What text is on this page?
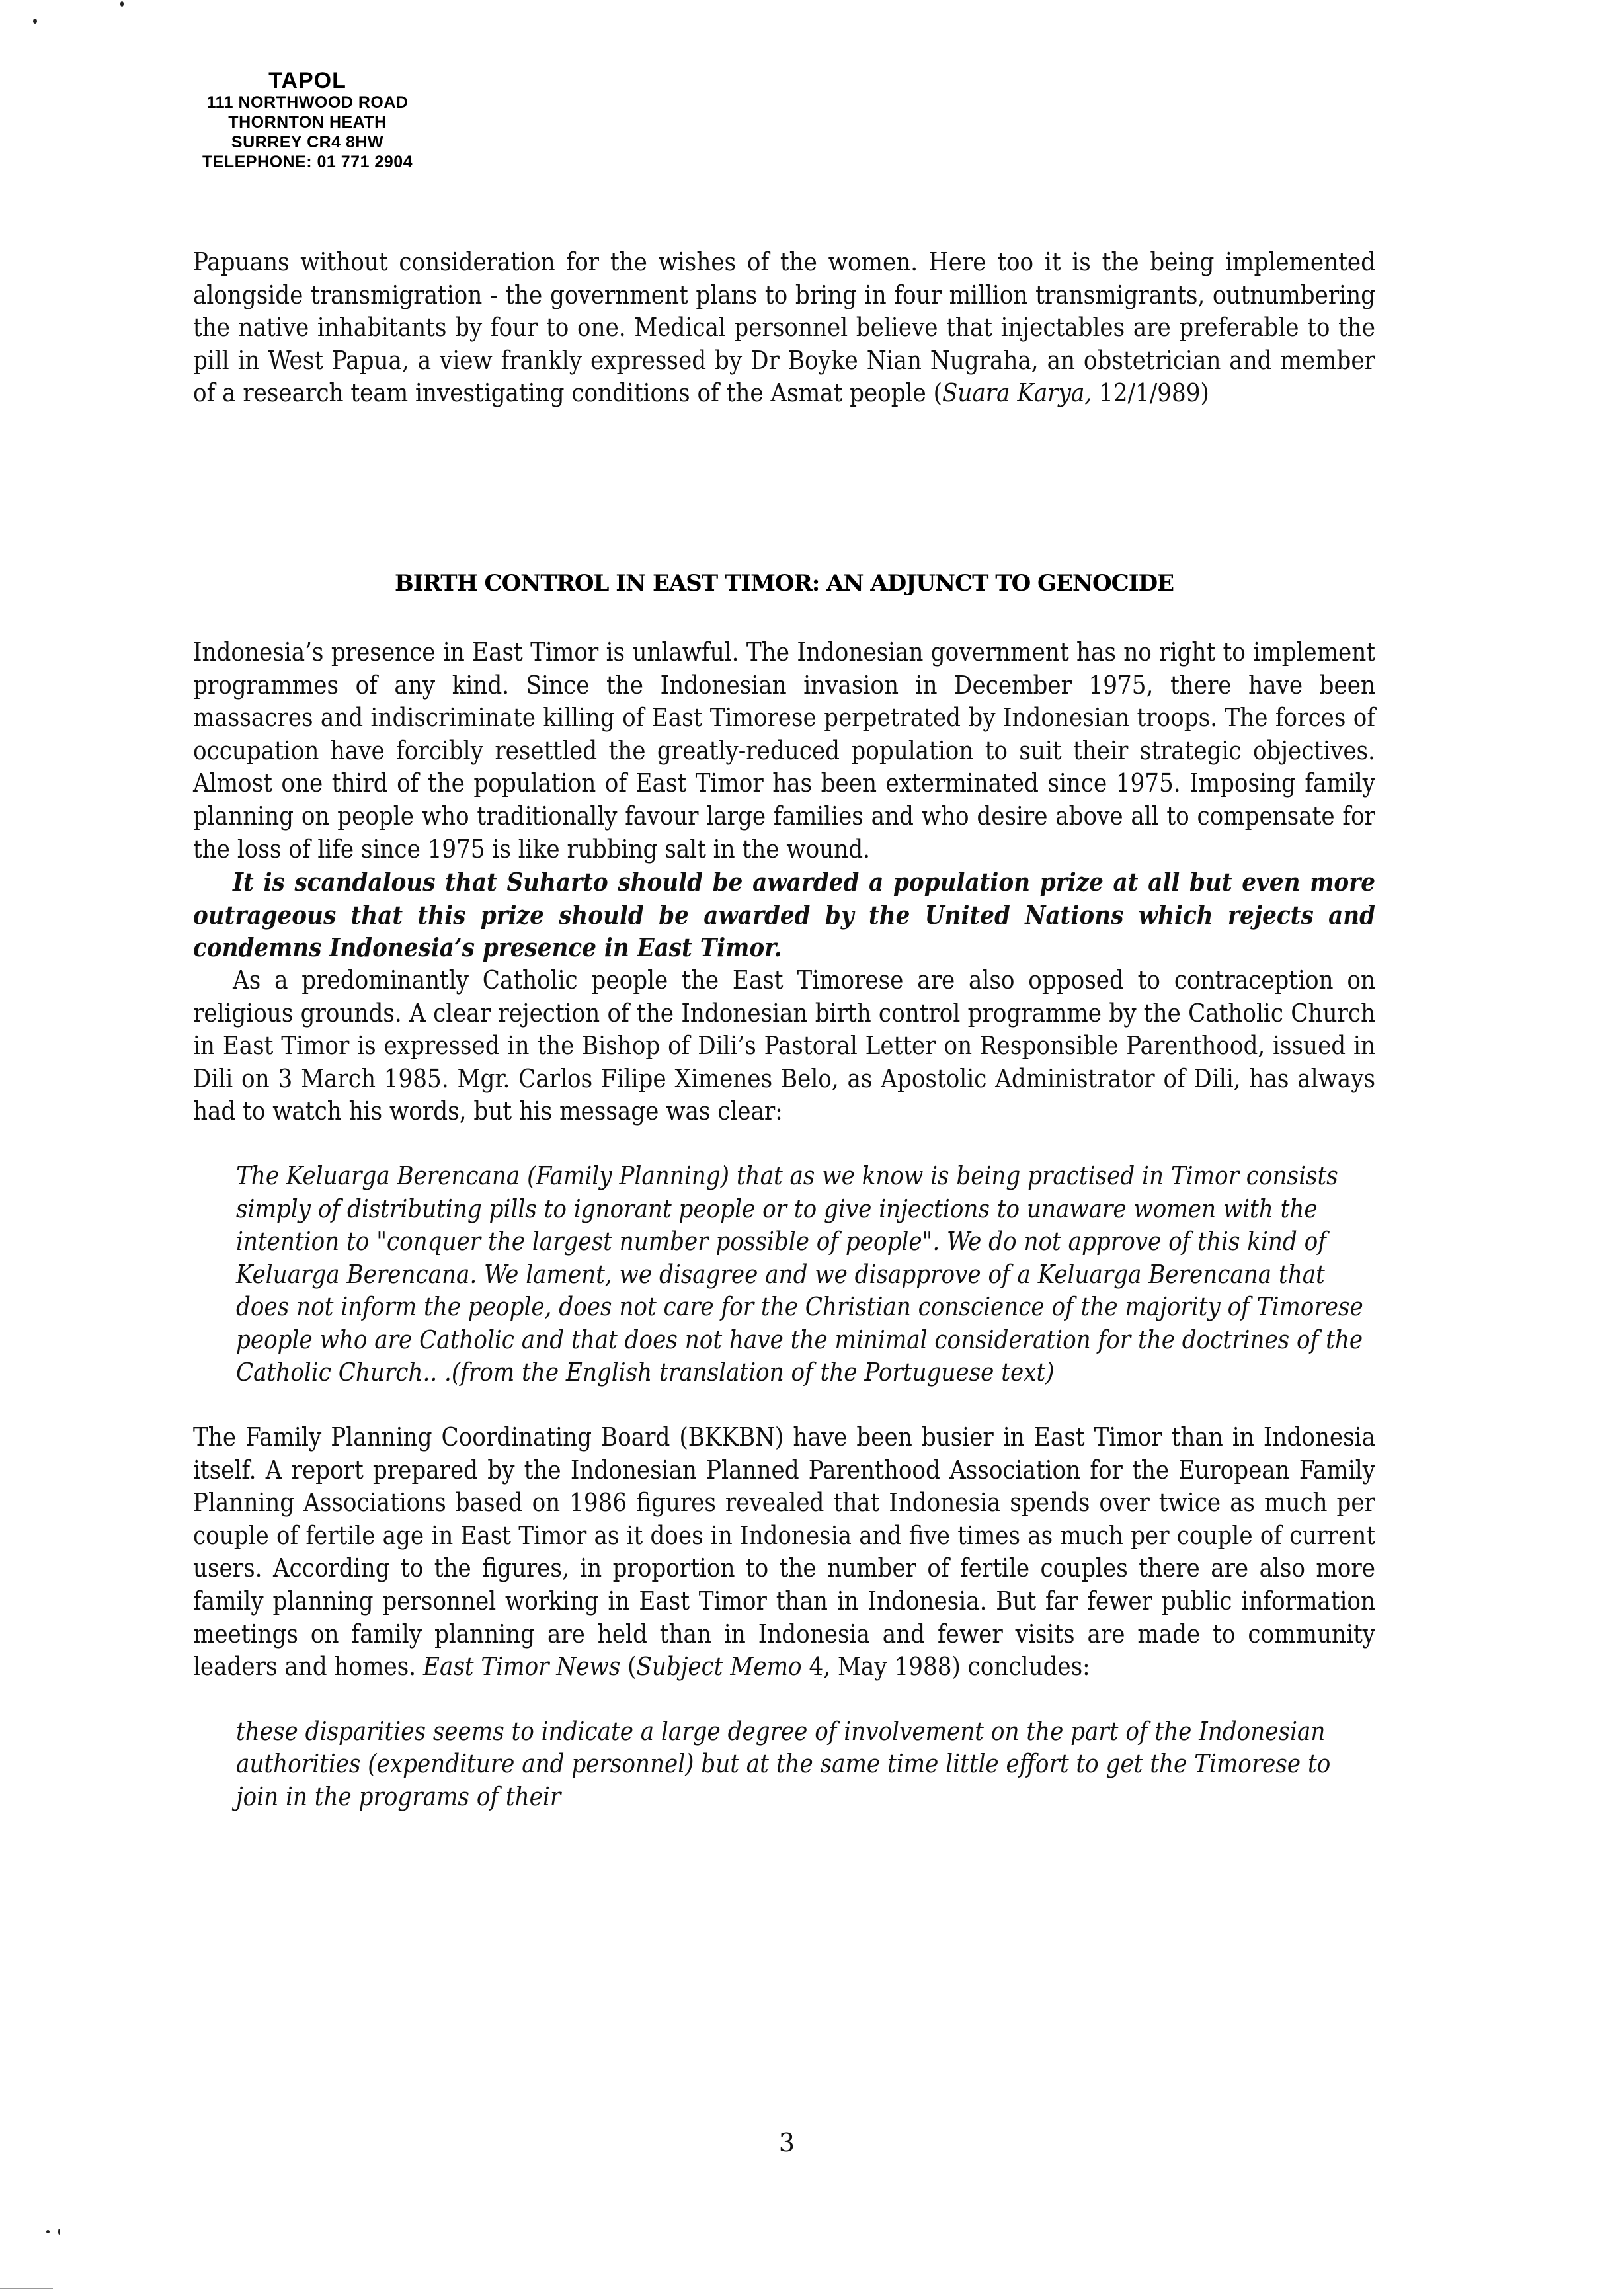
TAPOL
111 NORTHWOOD ROAD
THORNTON HEATH
SURREY CR4 8HW
TELEPHONE: 01 771 2904

Papuans without consideration for the wishes of the women. Here too it is the being implemented alongside transmigration - the government plans to bring in four million transmigrants, outnumbering the native inhabitants by four to one. Medical personnel believe that injectables are preferable to the pill in West Papua, a view frankly expressed by Dr Boyke Nian Nugraha, an obstetrician and member of a research team investigating conditions of the Asmat people (Suara Karya, 12/1/989)

BIRTH CONTROL IN EAST TIMOR: AN ADJUNCT TO GENOCIDE

Indonesia’s presence in East Timor is unlawful. The Indonesian government has no right to implement programmes of any kind. Since the Indonesian invasion in December 1975, there have been massacres and indiscriminate killing of East Timorese perpetrated by Indonesian troops. The forces of occupation have forcibly resettled the greatly-reduced population to suit their strategic objectives. Almost one third of the population of East Timor has been exterminated since 1975. Imposing family planning on people who traditionally favour large families and who desire above all to compensate for the loss of life since 1975 is like rubbing salt in the wound.

It is scandalous that Suharto should be awarded a population prize at all but even more outrageous that this prize should be awarded by the United Nations which rejects and condemns Indonesia’s presence in East Timor.

As a predominantly Catholic people the East Timorese are also opposed to contraception on religious grounds. A clear rejection of the Indonesian birth control programme by the Catholic Church in East Timor is expressed in the Bishop of Dili’s Pastoral Letter on Responsible Parenthood, issued in Dili on 3 March 1985. Mgr. Carlos Filipe Ximenes Belo, as Apostolic Administrator of Dili, has always had to watch his words, but his message was clear:

The Keluarga Berencana (Family Planning) that as we know is being practised in Timor consists simply of distributing pills to ignorant people or to give injections to unaware women with the intention to "conquer the largest number possible of people". We do not approve of this kind of Keluarga Berencana. We lament, we disagree and we disapprove of a Keluarga Berencana that does not inform the people, does not care for the Christian conscience of the majority of Timorese people who are Catholic and that does not have the minimal consideration for the doctrines of the Catholic Church.. .(from the English translation of the Portuguese text)

The Family Planning Coordinating Board (BKKBN) have been busier in East Timor than in Indonesia itself. A report prepared by the Indonesian Planned Parenthood Association for the European Family Planning Associations based on 1986 figures revealed that Indonesia spends over twice as much per couple of fertile age in East Timor as it does in Indonesia and five times as much per couple of current users. According to the figures, in proportion to the number of fertile couples there are also more family planning personnel working in East Timor than in Indonesia. But far fewer public information meetings on family planning are held than in Indonesia and fewer visits are made to community leaders and homes. East Timor News (Subject Memo 4, May 1988) concludes:

these disparities seems to indicate a large degree of involvement on the part of the Indonesian authorities (expenditure and personnel) but at the same time little effort to get the Timorese to join in the programs of their

3
